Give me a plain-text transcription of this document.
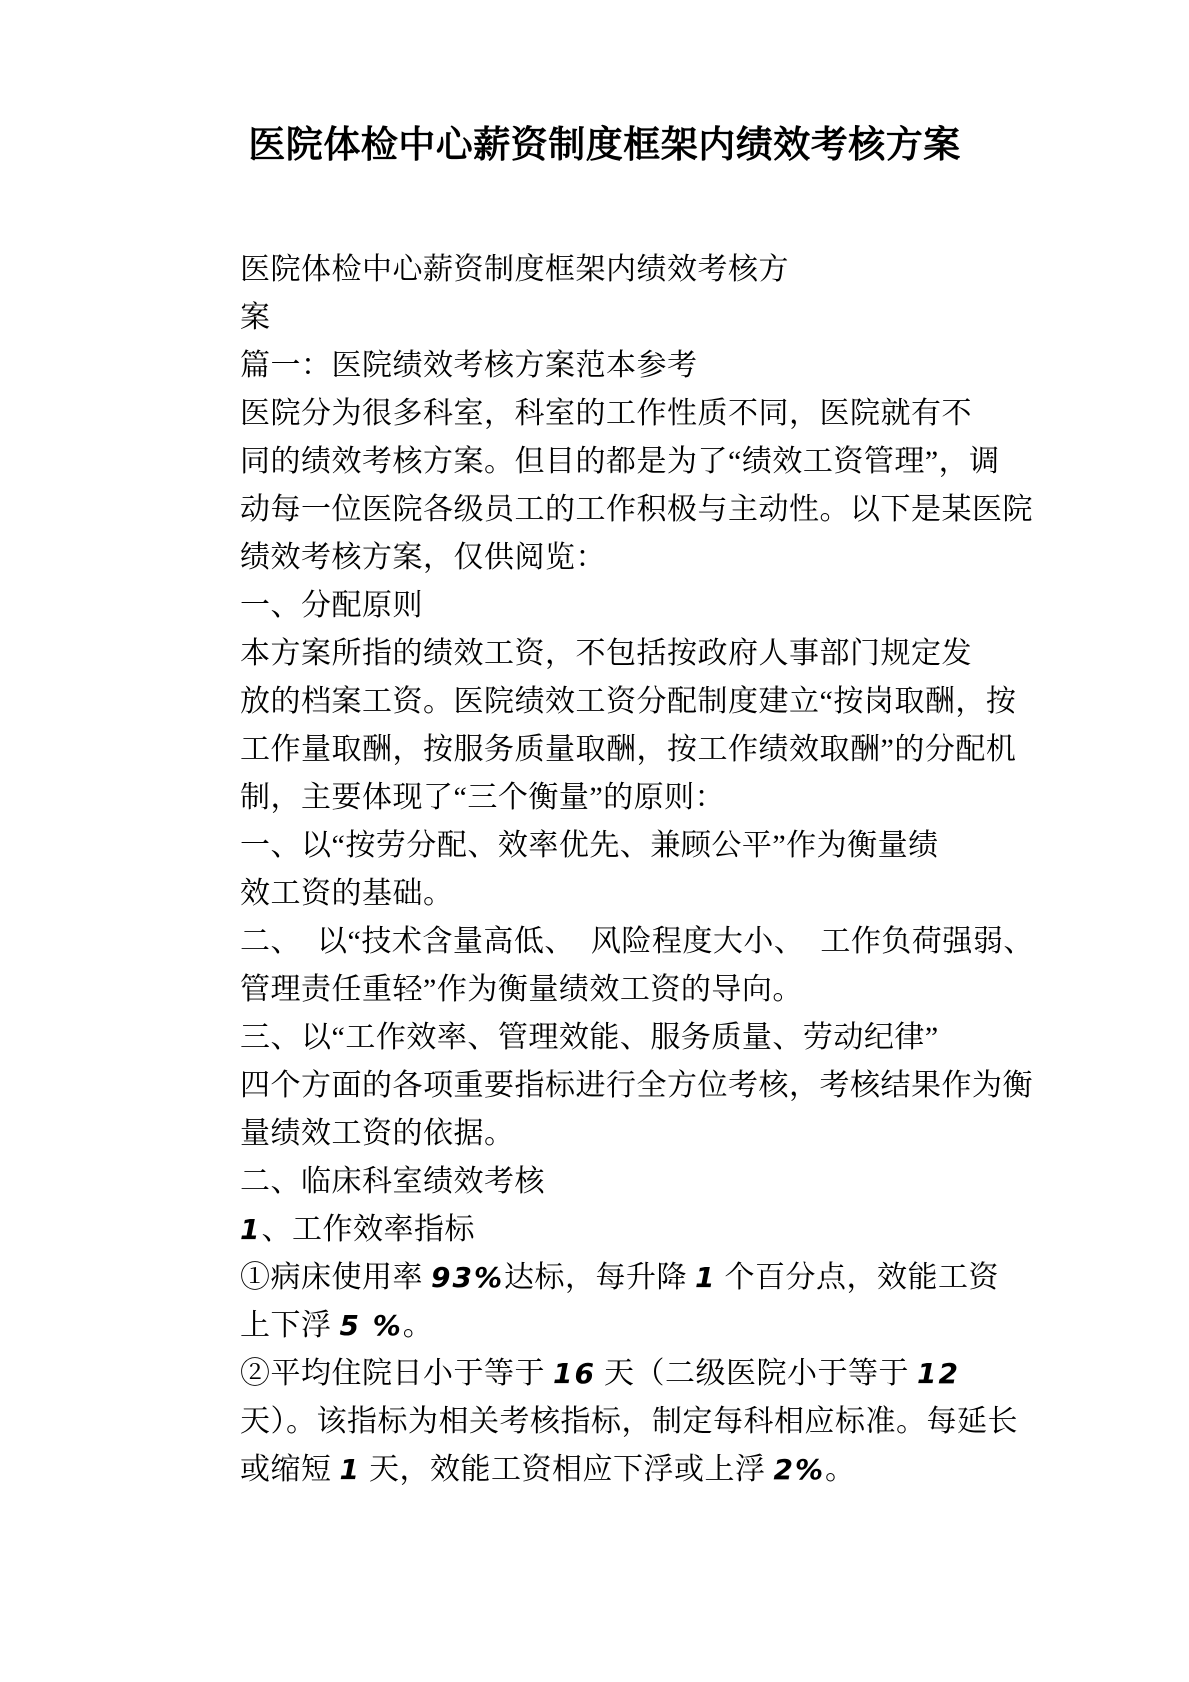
医院体检中心薪资制度框架内绩效考核方案
医院体检中心薪资制度框架内绩效考核方
案
篇一：医院绩效考核方案范本参考
医院分为很多科室，科室的工作性质不同，医院就有不
同的绩效考核方案。但目的都是为了“绩效工资管理”，调
动每一位医院各级员工的工作积极与主动性。以下是某医院
绩效考核方案，仅供阅览：
一、分配原则
本方案所指的绩效工资，不包括按政府人事部门规定发
放的档案工资。医院绩效工资分配制度建立“按岗取酬，按
工作量取酬，按服务质量取酬，按工作绩效取酬”的分配机
制，主要体现了“三个衡量”的原则：
一、以“按劳分配、效率优先、兼顾公平”作为衡量绩
效工资的基础。
二、  以“技术含量高低、  风险程度大小、  工作负荷强弱、
管理责任重轻”作为衡量绩效工资的导向。
三、以“工作效率、管理效能、服务质量、劳动纪律”
四个方面的各项重要指标进行全方位考核，考核结果作为衡
量绩效工资的依据。
二、临床科室绩效考核
1、工作效率指标
①病床使用率 93%达标，每升降 1 个百分点，效能工资
上下浮 5 %。
②平均住院日小于等于 16 天（二级医院小于等于 12
天）。该指标为相关考核指标，制定每科相应标准。每延长
或缩短 1 天，效能工资相应下浮或上浮 2%。
